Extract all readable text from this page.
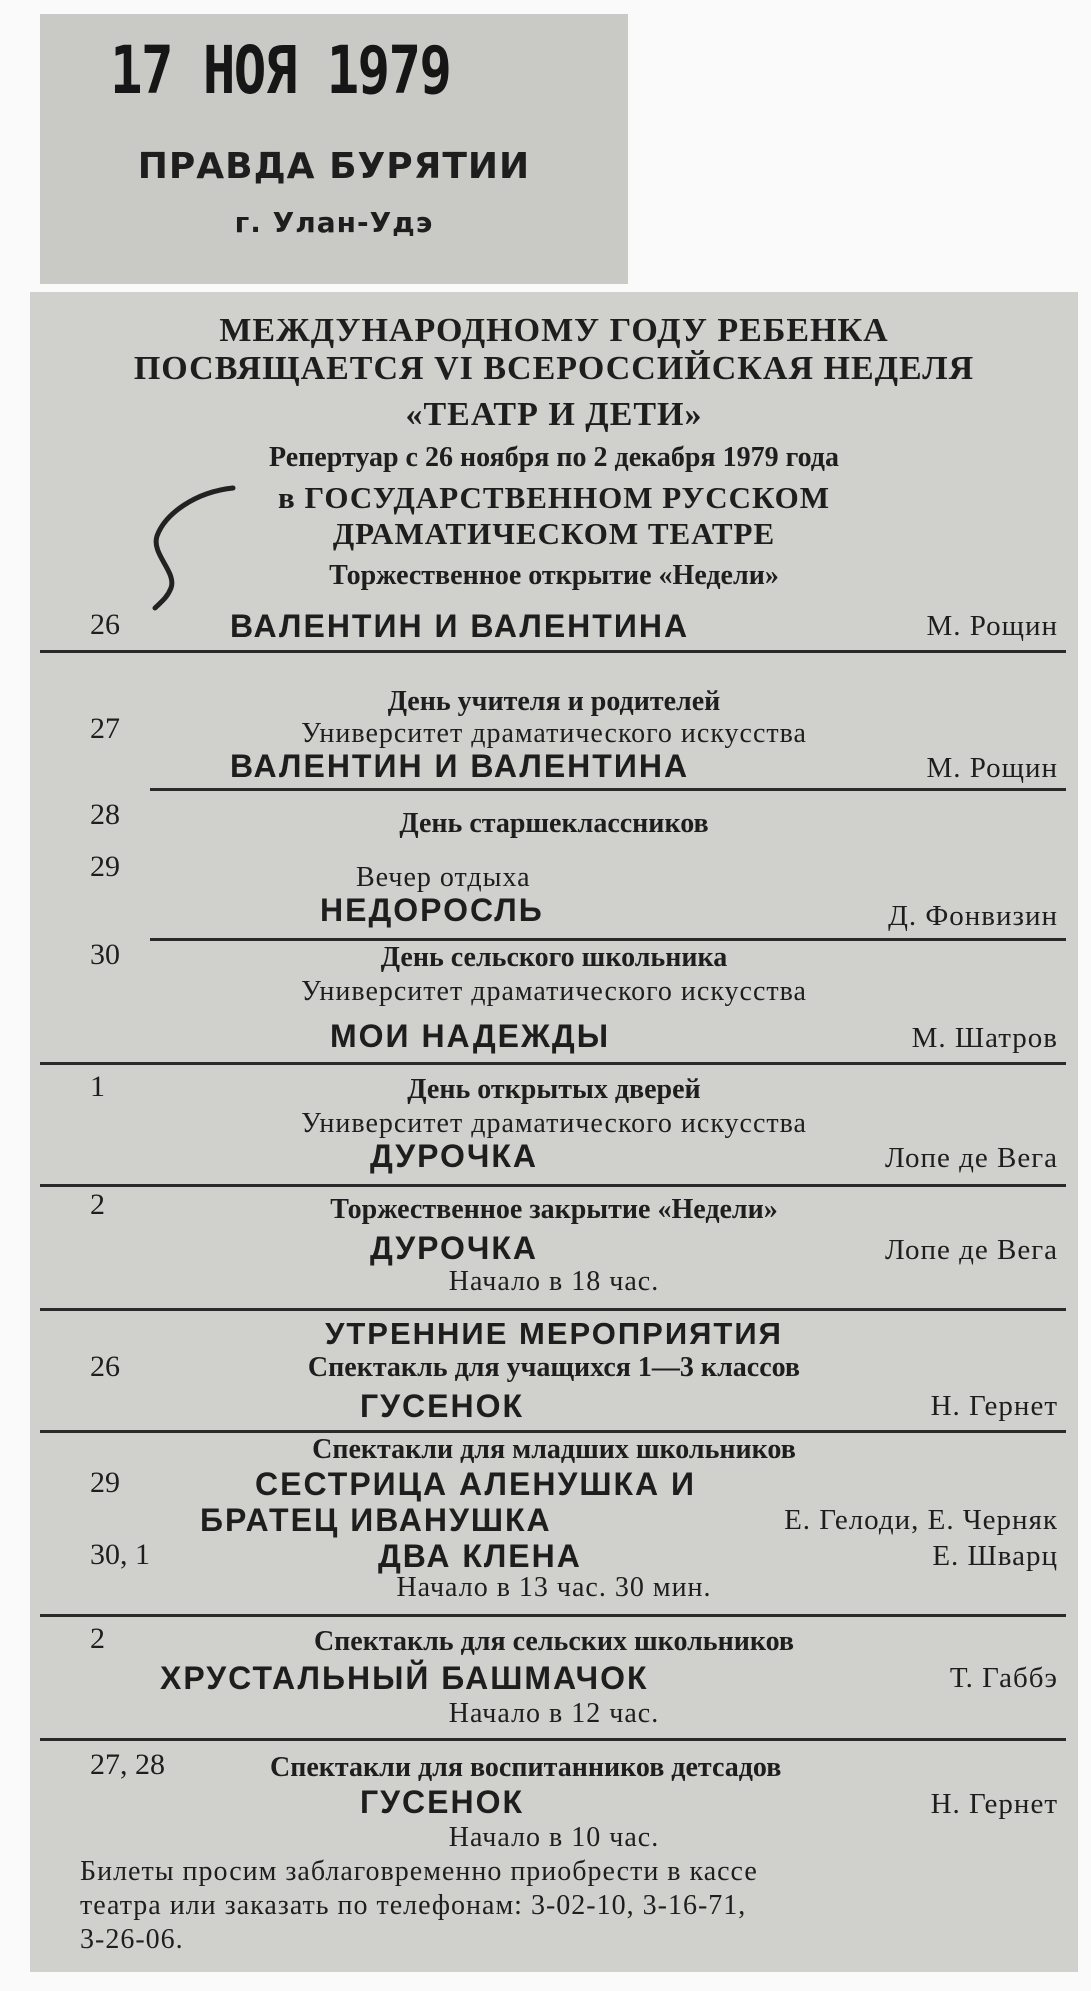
17 НОЯ 1979
ПРАВДА БУРЯТИИ
г. Улан-Удэ
МЕЖДУНАРОДНОМУ ГОДУ РЕБЕНКА
ПОСВЯЩАЕТСЯ VI ВСЕРОССИЙСКАЯ НЕДЕЛЯ
«ТЕАТР И ДЕТИ»
Репертуар с 26 ноября по 2 декабря 1979 года
в ГОСУДАРСТВЕННОМ РУССКОМ
ДРАМАТИЧЕСКОМ ТЕАТРЕ
Торжественное открытие «Недели»
26	ВАЛЕНТИН И ВАЛЕНТИНА	М. Рощин
День учителя и родителей
27	Университет драматического искусства
ВАЛЕНТИН И ВАЛЕНТИНА	М. Рощин
28	День старшеклассников
29	Вечер отдыха
НЕДОРОСЛЬ	Д. Фонвизин
30	День сельского школьника
Университет драматического искусства
МОИ НАДЕЖДЫ	М. Шатров
1	День открытых дверей
Университет драматического искусства
ДУРОЧКА	Лопе де Вега
2	Торжественное закрытие «Недели»
ДУРОЧКА	Лопе де Вега
Начало в 18 час.
УТРЕННИЕ МЕРОПРИЯТИЯ
26	Спектакль для учащихся 1—3 классов
ГУСЕНОК	Н. Гернет
Спектакли для младших школьников
29	СЕСТРИЦА АЛЕНУШКА И
БРАТЕЦ ИВАНУШКА	Е. Гелоди, Е. Черняк
30, 1	ДВА КЛЕНА	Е. Шварц
Начало в 13 час. 30 мин.
2	Спектакль для сельских школьников
ХРУСТАЛЬНЫЙ БАШМАЧОК	Т. Габбэ
Начало в 12 час.
27, 28	Спектакли для воспитанников детсадов
ГУСЕНОК	Н. Гернет
Начало в 10 час.
Билеты просим заблаговременно приобрести в кассе
театра или заказать по телефонам: 3-02-10, 3-16-71,
3-26-06.
